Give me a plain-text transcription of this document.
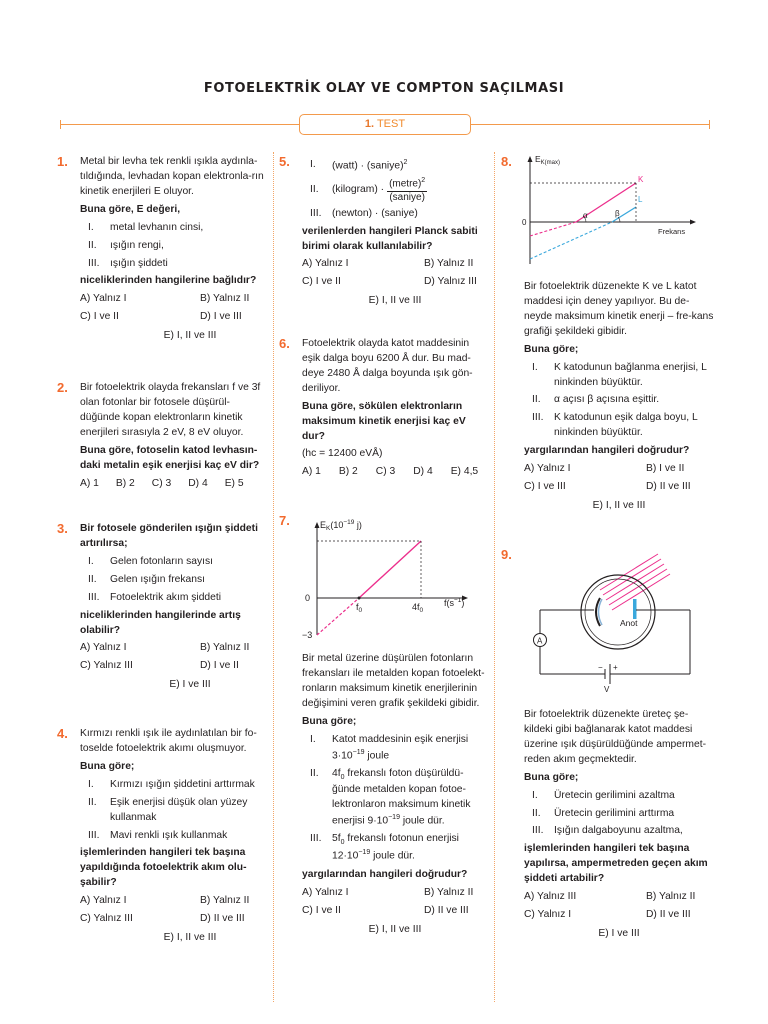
FOTOELEKTRİK OLAY VE COMPTON SAÇILMASI
1. TEST
1. Metal bir levha tek renkli ışıkla aydınla-tıldığında, levhadan kopan elektronla-rın kinetik enerjileri E oluyor.
Buna göre, E değeri,
I.	metal levhanın cinsi,
II.	ışığın rengi,
III.	ışığın şiddeti
niceliklerinden hangilerine bağlıdır?
A) Yalnız I	B) Yalnız II
C) I ve II	D) I ve III
E) I, II ve III
2. Bir fotoelektrik olayda frekansları f ve 3f olan fotonlar bir fotosele düşürül-düğünde kopan elektronların kinetik enerjileri sırasıyla 2 eV, 8 eV oluyor.
Buna göre, fotoselin katod levhasın-daki metalin eşik enerjisi kaç eV dir?
A) 1 B) 2 C) 3 D) 4 E) 5
3. Bir fotosele gönderilen ışığın şiddeti artırılırsa;
I.	Gelen fotonların sayısı
II.	Gelen ışığın frekansı
III.	Fotoelektrik akım şiddeti
niceliklerinden hangilerinde artış olabilir?
A) Yalnız I	B) Yalnız II
C) Yalnız III	D) I ve II
E) I ve III
4. Kırmızı renkli ışık ile aydınlatılan bir fo-toselde fotoelektrik akımı oluşmuyor.
Buna göre;
I.	Kırmızı ışığın şiddetini arttırmak
II.	Eşik enerjisi düşük olan yüzey kullanmak
III.	Mavi renkli ışık kullanmak
işlemlerinden hangileri tek başına yapıldığında fotoelektrik akım olu-şabilir?
A) Yalnız I	B) Yalnız II
C) Yalnız III	D) II ve III
E) I, II ve III
5. I.	(watt) · (saniye)$^2$
II.	(kilogram) · $\frac{(metre)^2}{\text{(saniye)}}$
III.	(newton) · (saniye)
verilenlerden hangileri Planck sabiti birimi olarak kullanılabilir?
A) Yalnız I	B) Yalnız II
C) I ve II	D) Yalnız III
E) I, II ve III
6. Fotoelektrik olayda katot maddesinin eşik dalga boyu 6200 Å dur. Bu mad-deye 2480 Å dalga boyunda ışık gön-deriliyor.
Buna göre, sökülen elektronların maksimum kinetik enerjisi kaç eV dur?
(hc = 12400 eVÅ)
A) 1 B) 2 C) 3 D) 4 E) 4,5
7.	$E_K(10^{-19}$ j)
0
−3
$f_0$	$4f_0$
$f(s^{-1})$
Bir metal üzerine düşürülen fotonların frekansları ile metalden kopan fotoelekt-ronların maksimum kinetik enerjilerinin değişimini veren grafik şekildeki gibidir.
Buna göre;
I.	Katot maddesinin eşik enerjisi $3\cdot 10^{-19}$ joule
II.	$4f_0$ frekanslı foton düşürüldü-ğünde metalden kopan fotoe-lektronlaron maksimum kinetik enerjisi $9\cdot 10^{-19}$ joule dür.
III.	$5f_0$ frekanslı fotonun enerjisi $12\cdot 10^{-19}$ joule dür.
yargılarından hangileri doğrudur?
A) Yalnız I	B) Yalnız II
C) I ve II	D) II ve III
E) I, II ve III
8.	$E_{K(max)}$
0
Frekans
K
L
α	β
Bir fotoelektrik düzenekte K ve L katot maddesi için deney yapılıyor. Bu de-neyde maksimum kinetik enerji – fre-kans grafiği şekildeki gibidir.
Buna göre;
I.	K katodunun bağlanma enerjisi, L ninkinden büyüktür.
II.	α açısı β açısına eşittir.
III.	K katodunun eşik dalga boyu, L ninkinden büyüktür.
yargılarından hangileri doğrudur?
A) Yalnız I	B) I ve II
C) I ve III	D) II ve III
E) I, II ve III
9.
Anot
A
− +
V
Bir fotoelektrik düzenekte üreteç şe-kildeki gibi bağlanarak katot maddesi üzerine ışık düşürüldüğünde ampermet-reden akım geçmektedir.
Buna göre;
I.	Üretecin gerilimini azaltma
II.	Üretecin gerilimini arttırma
III.	Işığın dalgaboyunu azaltma,
işlemlerinden hangileri tek başına yapılırsa, ampermetreden geçen akım şiddeti artabilir?
A) Yalnız III	B) Yalnız II
C) Yalnız I	D) II ve III
E) I ve III
